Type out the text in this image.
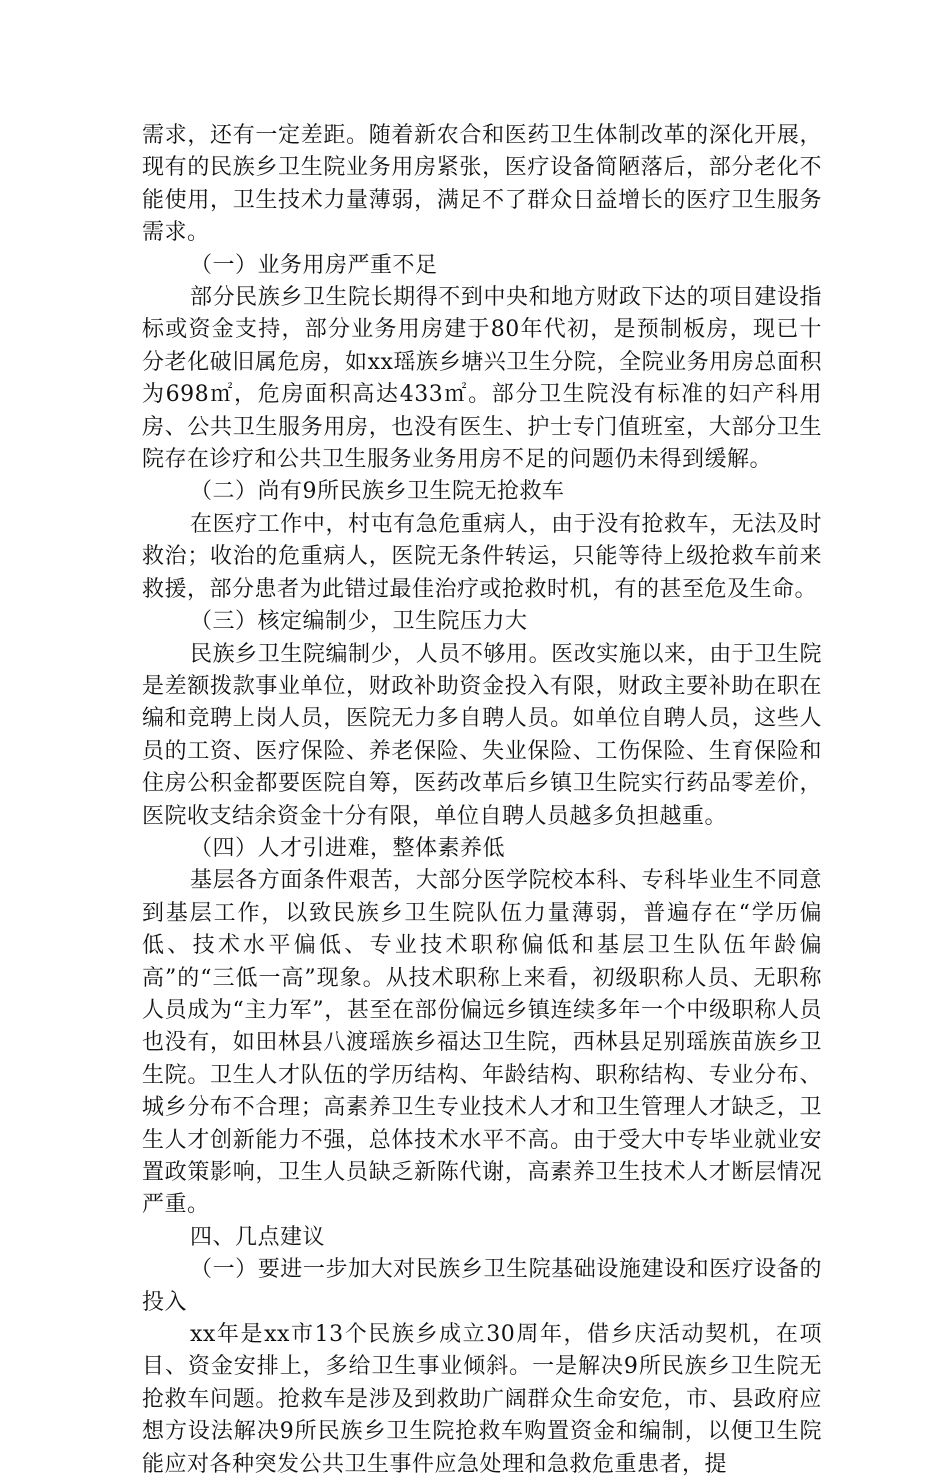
需求，还有一定差距。随着新农合和医药卫生体制改革的深化开展，现有的民族乡卫生院业务用房紧张，医疗设备简陋落后，部分老化不能使用，卫生技术力量薄弱，满足不了群众日益增长的医疗卫生服务需求。

（一）业务用房严重不足

部分民族乡卫生院长期得不到中央和地方财政下达的项目建设指标或资金支持，部分业务用房建于80年代初，是预制板房，现已十分老化破旧属危房，如xx瑶族乡塘兴卫生分院，全院业务用房总面积为698㎡，危房面积高达433㎡。部分卫生院没有标准的妇产科用房、公共卫生服务用房，也没有医生、护士专门值班室，大部分卫生院存在诊疗和公共卫生服务业务用房不足的问题仍未得到缓解。

（二）尚有9所民族乡卫生院无抢救车

在医疗工作中，村屯有急危重病人，由于没有抢救车，无法及时救治；收治的危重病人，医院无条件转运，只能等待上级抢救车前来救援，部分患者为此错过最佳治疗或抢救时机，有的甚至危及生命。

（三）核定编制少，卫生院压力大

民族乡卫生院编制少，人员不够用。医改实施以来，由于卫生院是差额拨款事业单位，财政补助资金投入有限，财政主要补助在职在编和竞聘上岗人员，医院无力多自聘人员。如单位自聘人员，这些人员的工资、医疗保险、养老保险、失业保险、工伤保险、生育保险和住房公积金都要医院自筹，医药改革后乡镇卫生院实行药品零差价，医院收支结余资金十分有限，单位自聘人员越多负担越重。

（四）人才引进难，整体素养低

基层各方面条件艰苦，大部分医学院校本科、专科毕业生不同意到基层工作，以致民族乡卫生院队伍力量薄弱，普遍存在“学历偏低、技术水平偏低、专业技术职称偏低和基层卫生队伍年龄偏高”的“三低一高”现象。从技术职称上来看，初级职称人员、无职称人员成为“主力军”，甚至在部份偏远乡镇连续多年一个中级职称人员也没有，如田林县八渡瑶族乡福达卫生院，西林县足别瑶族苗族乡卫生院。卫生人才队伍的学历结构、年龄结构、职称结构、专业分布、城乡分布不合理；高素养卫生专业技术人才和卫生管理人才缺乏，卫生人才创新能力不强，总体技术水平不高。由于受大中专毕业就业安置政策影响，卫生人员缺乏新陈代谢，高素养卫生技术人才断层情况严重。

四、几点建议

（一）要进一步加大对民族乡卫生院基础设施建设和医疗设备的投入

xx年是xx市13个民族乡成立30周年，借乡庆活动契机，在项目、资金安排上，多给卫生事业倾斜。一是解决9所民族乡卫生院无抢救车问题。抢救车是涉及到救助广阔群众生命安危，市、县政府应想方设法解决9所民族乡卫生院抢救车购置资金和编制，以便卫生院能应对各种突发公共卫生事件应急处理和急救危重患者，提
